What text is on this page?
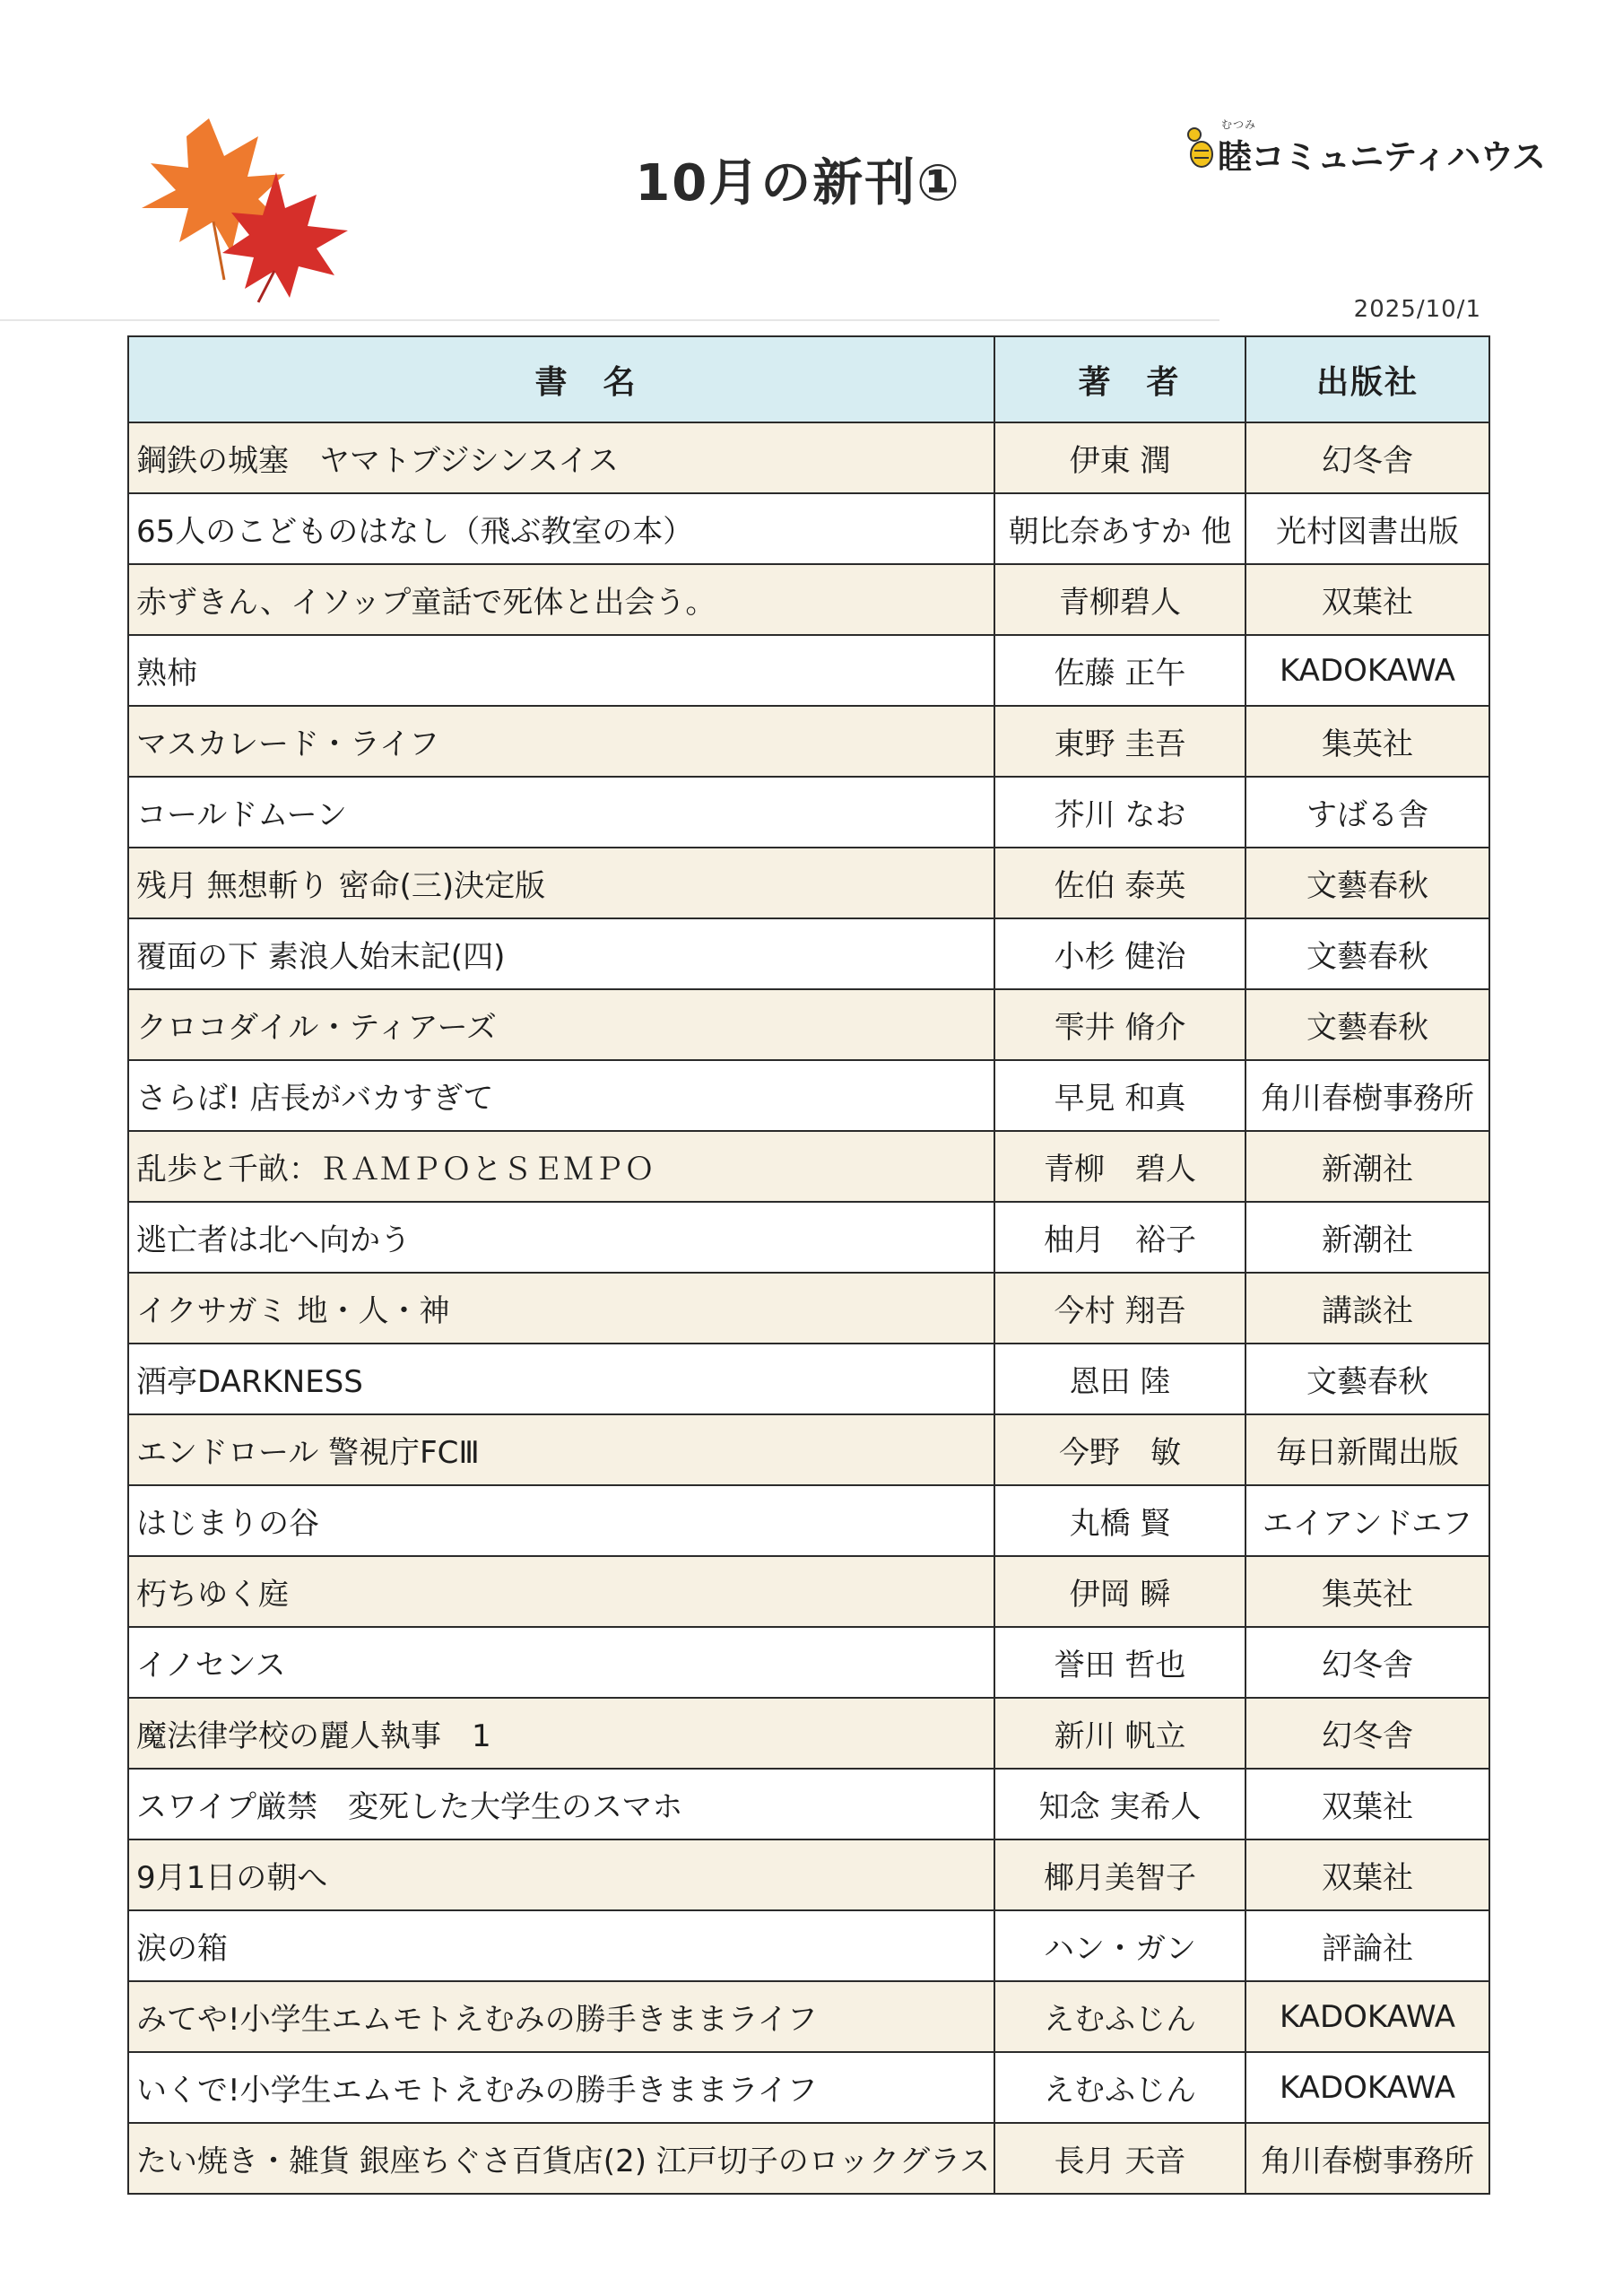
10月の新刊①
むつみ
睦コミュニティハウス
2025/10/1
書　名	著　者	出版社
鋼鉄の城塞　ヤマトブジシンスイス	伊東 潤	幻冬舎
65人のこどものはなし（飛ぶ教室の本）	朝比奈あすか 他	光村図書出版
赤ずきん、イソップ童話で死体と出会う。	青柳碧人	双葉社
熟柿	佐藤 正午	KADOKAWA
マスカレード・ライフ	東野 圭吾	集英社
コールドムーン	芥川 なお	すばる舎
残月 無想斬り 密命(三)決定版	佐伯 泰英	文藝春秋
覆面の下 素浪人始末記(四)	小杉 健治	文藝春秋
クロコダイル・ティアーズ	雫井 脩介	文藝春秋
さらば! 店長がバカすぎて	早見 和真	角川春樹事務所
乱歩と千畝：ＲＡＭＰＯとＳＥＭＰＯ	青柳　碧人	新潮社
逃亡者は北へ向かう	柚月　裕子	新潮社
イクサガミ 地・人・神	今村 翔吾	講談社
酒亭DARKNESS	恩田 陸	文藝春秋
エンドロール 警視庁FCⅢ	今野　敏	毎日新聞出版
はじまりの谷	丸橋 賢	エイアンドエフ
朽ちゆく庭	伊岡 瞬	集英社
イノセンス	誉田 哲也	幻冬舎
魔法律学校の麗人執事　1	新川 帆立	幻冬舎
スワイプ厳禁　変死した大学生のスマホ	知念 実希人	双葉社
9月1日の朝へ	椰月美智子	双葉社
涙の箱	ハン・ガン	評論社
みてや!小学生エムモトえむみの勝手きままライフ	えむふじん	KADOKAWA
いくで!小学生エムモトえむみの勝手きままライフ	えむふじん	KADOKAWA
たい焼き・雑貨 銀座ちぐさ百貨店(2) 江戸切子のロックグラス	長月 天音	角川春樹事務所
